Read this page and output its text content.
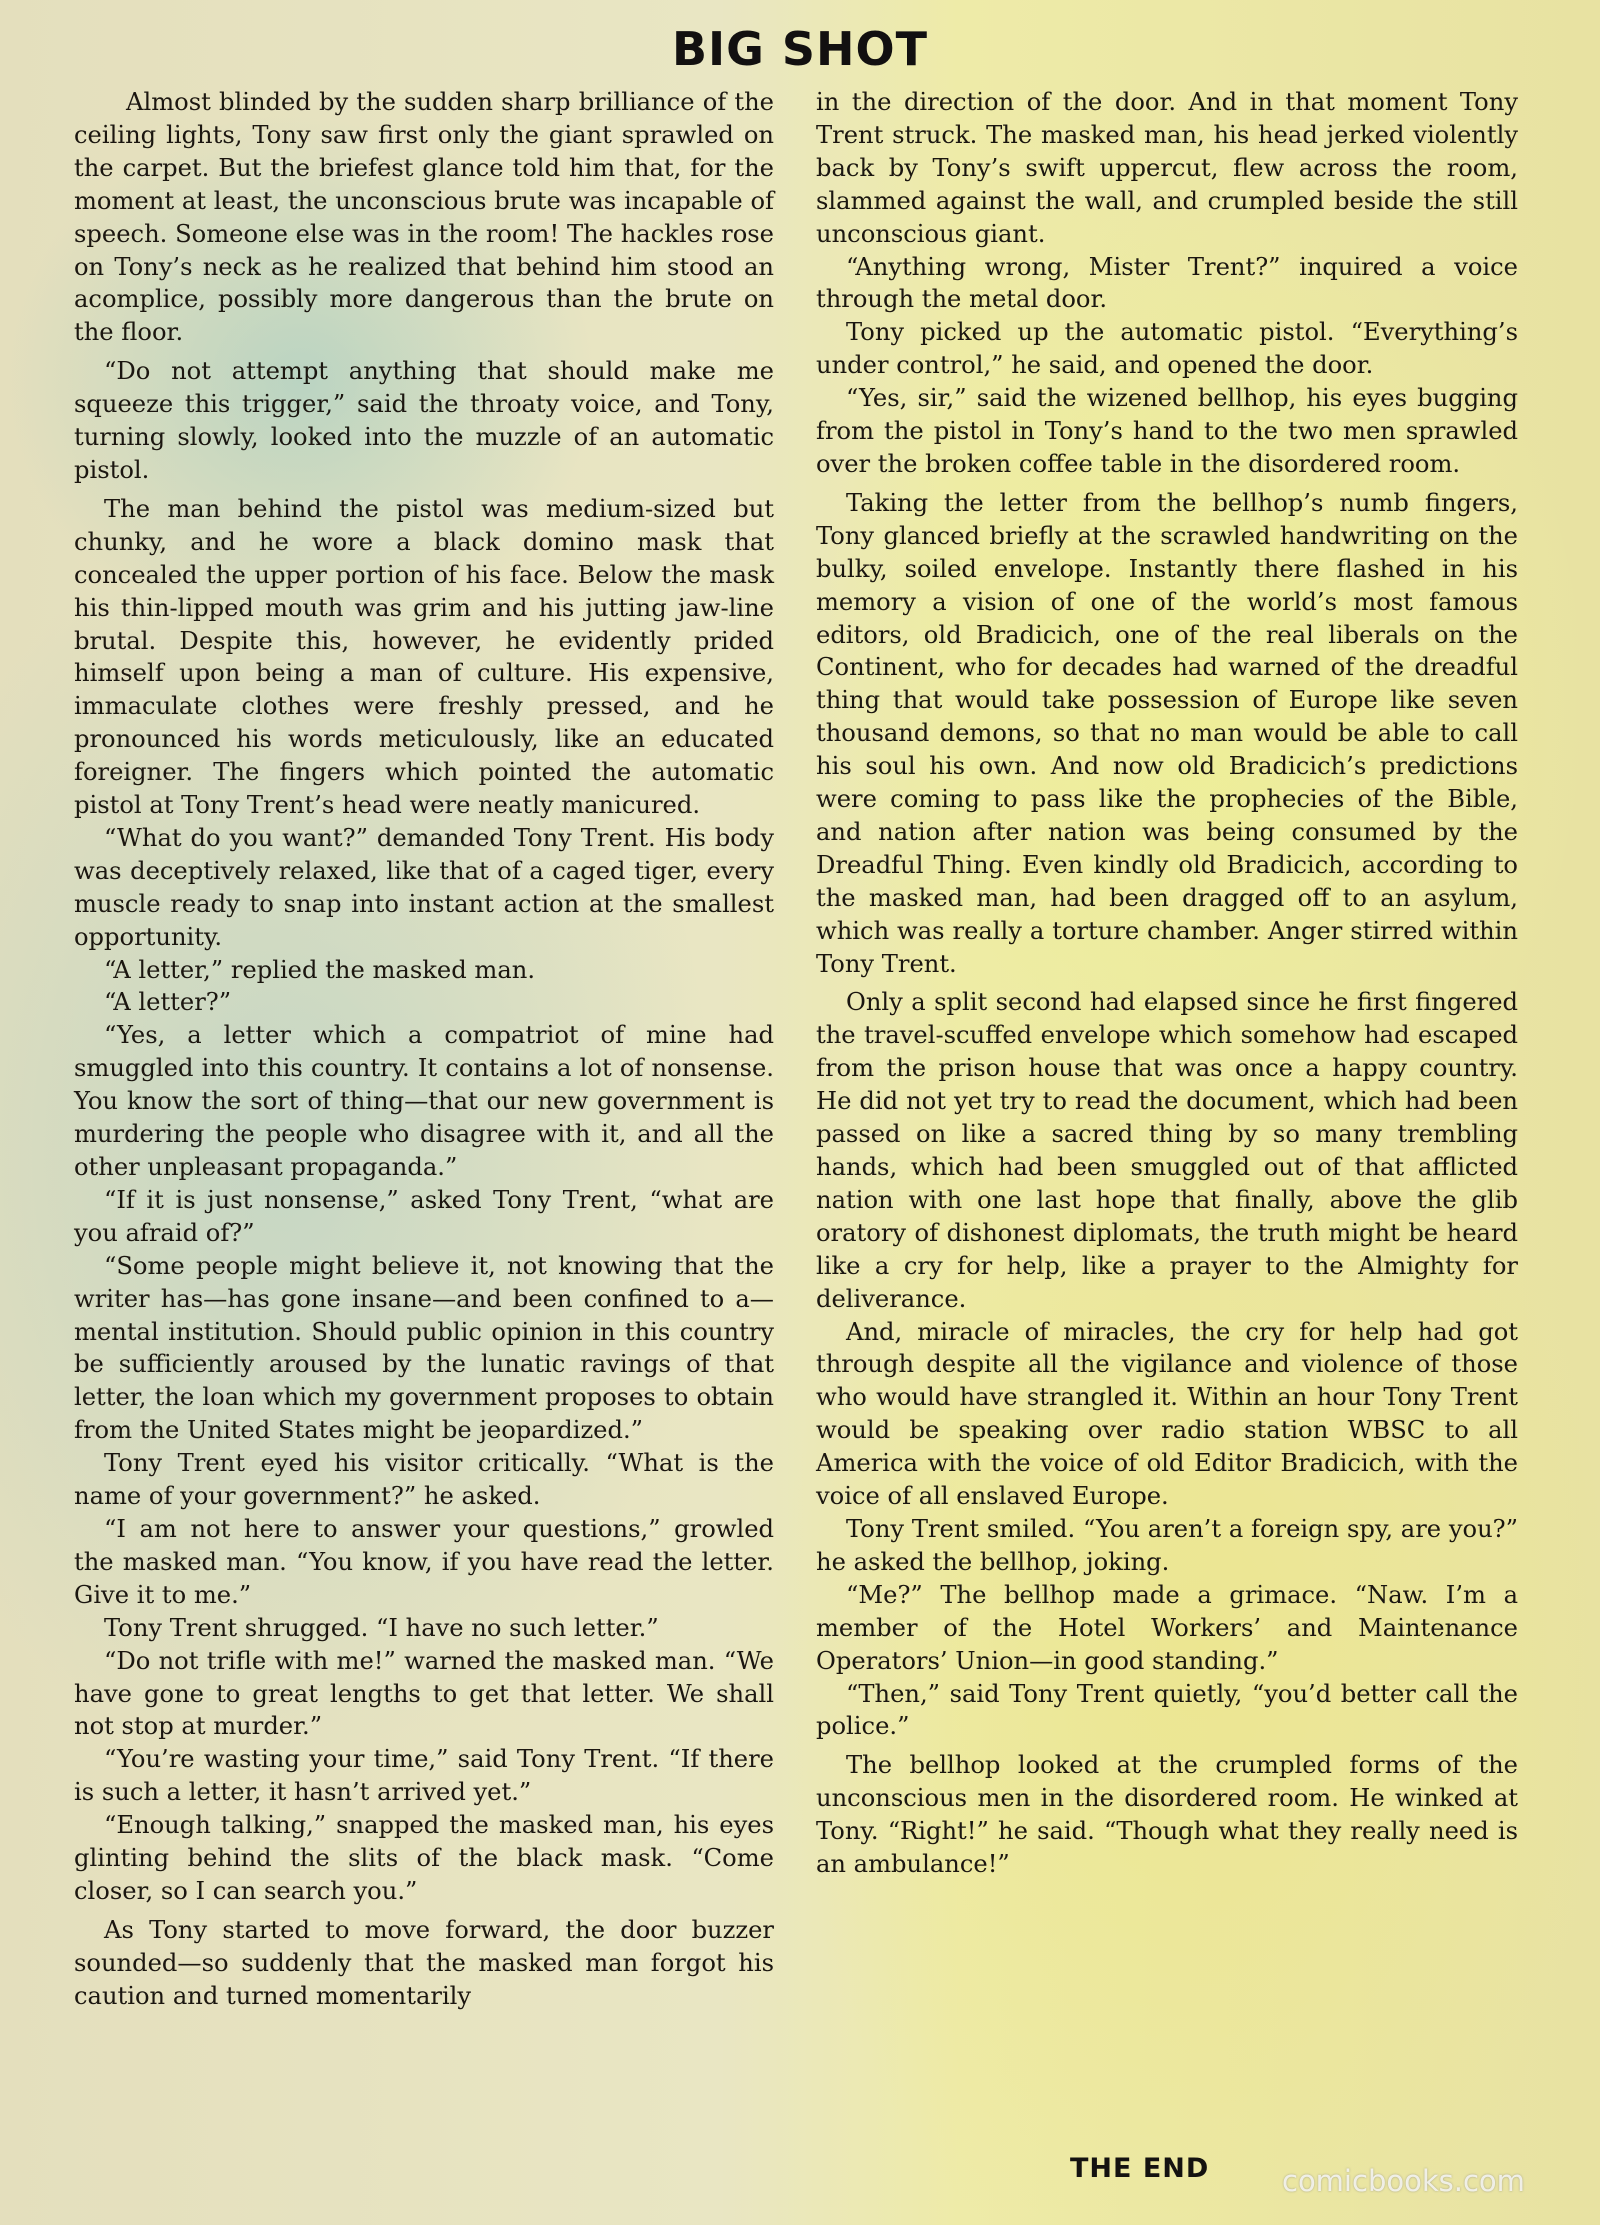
BIG SHOT

Almost blinded by the sudden sharp brilliance of the ceiling lights, Tony saw first only the giant sprawled on the carpet. But the briefest glance told him that, for the moment at least, the unconscious brute was incapable of speech. Someone else was in the room! The hackles rose on Tony’s neck as he realized that behind him stood an acomplice, possibly more dangerous than the brute on the floor.

“Do not attempt anything that should make me squeeze this trigger,” said the throaty voice, and Tony, turning slowly, looked into the muzzle of an automatic pistol.

The man behind the pistol was medium-sized but chunky, and he wore a black domino mask that concealed the upper portion of his face. Below the mask his thin-lipped mouth was grim and his jutting jaw-line brutal. Despite this, however, he evidently prided himself upon being a man of culture. His expensive, immaculate clothes were freshly pressed, and he pronounced his words meticulously, like an educated foreigner. The fingers which pointed the automatic pistol at Tony Trent’s head were neatly manicured.

“What do you want?” demanded Tony Trent. His body was deceptively relaxed, like that of a caged tiger, every muscle ready to snap into instant action at the smallest opportunity.

“A letter,” replied the masked man.

“A letter?”

“Yes, a letter which a compatriot of mine had smuggled into this country. It contains a lot of nonsense. You know the sort of thing—that our new government is murdering the people who disagree with it, and all the other unpleasant propaganda.”

“If it is just nonsense,” asked Tony Trent, “what are you afraid of?”

“Some people might believe it, not knowing that the writer has—has gone insane—and been confined to a—mental institution. Should public opinion in this country be sufficiently aroused by the lunatic ravings of that letter, the loan which my government proposes to obtain from the United States might be jeopardized.”

Tony Trent eyed his visitor critically. “What is the name of your government?” he asked.

“I am not here to answer your questions,” growled the masked man. “You know, if you have read the letter. Give it to me.”

Tony Trent shrugged. “I have no such letter.”

“Do not trifle with me!” warned the masked man. “We have gone to great lengths to get that letter. We shall not stop at murder.”

“You’re wasting your time,” said Tony Trent. “If there is such a letter, it hasn’t arrived yet.”

“Enough talking,” snapped the masked man, his eyes glinting behind the slits of the black mask. “Come closer, so I can search you.”

As Tony started to move forward, the door buzzer sounded—so suddenly that the masked man forgot his caution and turned momentarily

in the direction of the door. And in that moment Tony Trent struck. The masked man, his head jerked violently back by Tony’s swift uppercut, flew across the room, slammed against the wall, and crumpled beside the still unconscious giant.

“Anything wrong, Mister Trent?” inquired a voice through the metal door.

Tony picked up the automatic pistol. “Everything’s under control,” he said, and opened the door.

“Yes, sir,” said the wizened bellhop, his eyes bugging from the pistol in Tony’s hand to the two men sprawled over the broken coffee table in the disordered room.

Taking the letter from the bellhop’s numb fingers, Tony glanced briefly at the scrawled handwriting on the bulky, soiled envelope. Instantly there flashed in his memory a vision of one of the world’s most famous editors, old Bradicich, one of the real liberals on the Continent, who for decades had warned of the dreadful thing that would take possession of Europe like seven thousand demons, so that no man would be able to call his soul his own. And now old Bradicich’s predictions were coming to pass like the prophecies of the Bible, and nation after nation was being consumed by the Dreadful Thing. Even kindly old Bradicich, according to the masked man, had been dragged off to an asylum, which was really a torture chamber. Anger stirred within Tony Trent.

Only a split second had elapsed since he first fingered the travel-scuffed envelope which somehow had escaped from the prison house that was once a happy country. He did not yet try to read the document, which had been passed on like a sacred thing by so many trembling hands, which had been smuggled out of that afflicted nation with one last hope that finally, above the glib oratory of dishonest diplomats, the truth might be heard like a cry for help, like a prayer to the Almighty for deliverance.

And, miracle of miracles, the cry for help had got through despite all the vigilance and violence of those who would have strangled it. Within an hour Tony Trent would be speaking over radio station WBSC to all America with the voice of old Editor Bradicich, with the voice of all enslaved Europe.

Tony Trent smiled. “You aren’t a foreign spy, are you?” he asked the bellhop, joking.

“Me?” The bellhop made a grimace. “Naw. I’m a member of the Hotel Workers’ and Maintenance Operators’ Union—in good standing.”

“Then,” said Tony Trent quietly, “you’d better call the police.”

The bellhop looked at the crumpled forms of the unconscious men in the disordered room. He winked at Tony. “Right!” he said. “Though what they really need is an ambulance!”

THE END	comicbooks.com
